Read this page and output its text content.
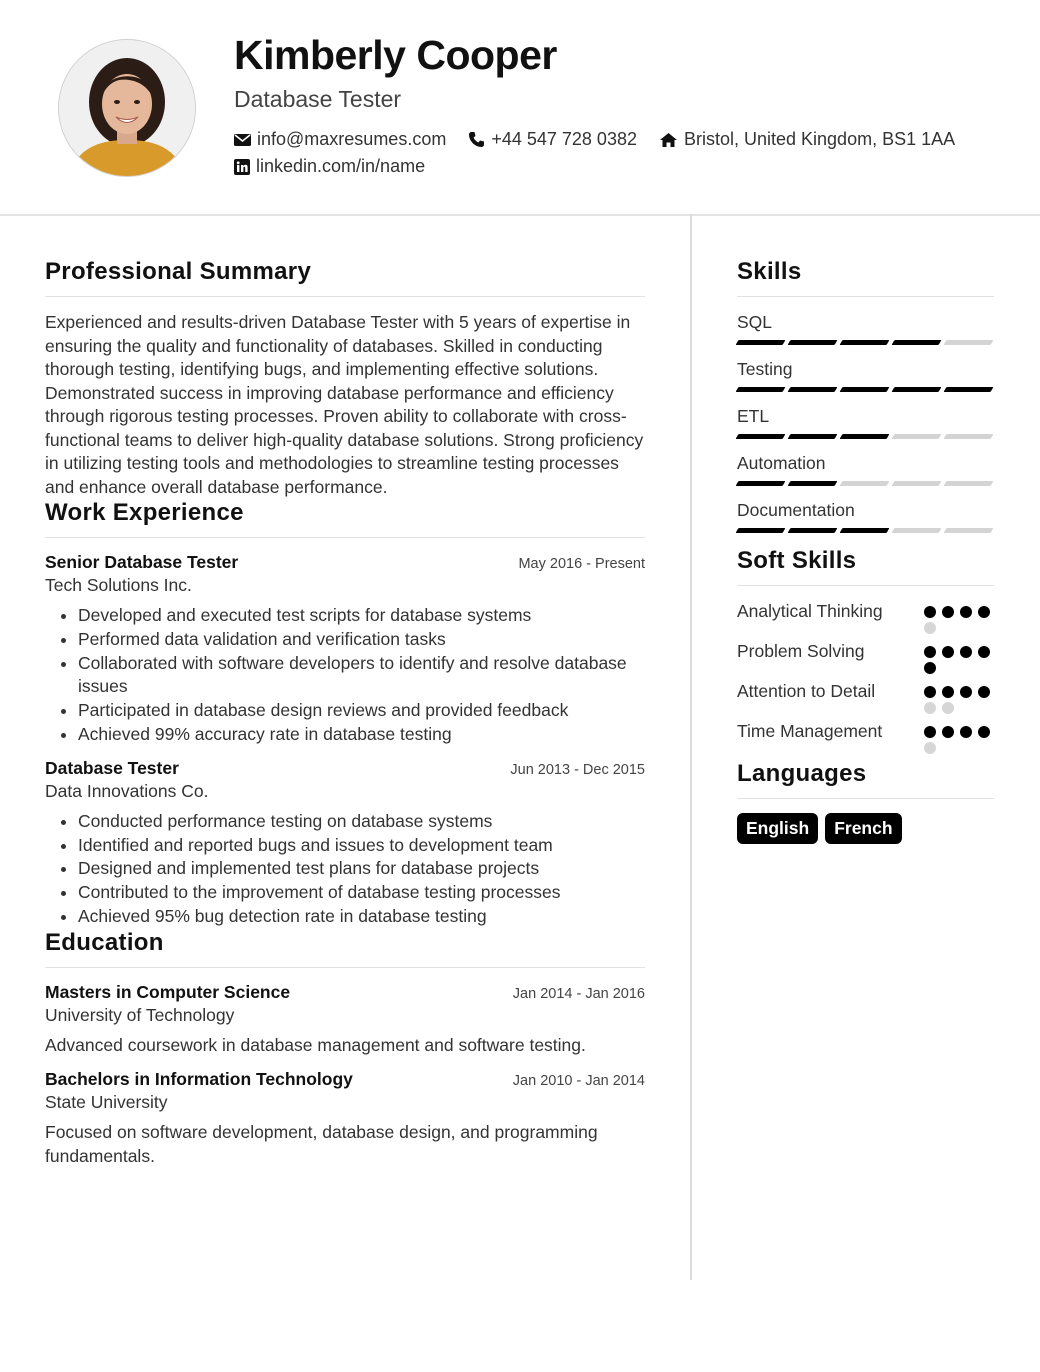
Kimberly Cooper
Database Tester
info@maxresumes.com	+44 547 728 0382	Bristol, United Kingdom, BS1 1AA
linkedin.com/in/name
Professional Summary

Experienced and results-driven Database Tester with 5 years of expertise in ensuring the quality and functionality of databases. Skilled in conducting thorough testing, identifying bugs, and implementing effective solutions. Demonstrated success in improving database performance and efficiency through rigorous testing processes. Proven ability to collaborate with cross-functional teams to deliver high-quality database solutions. Strong proficiency in utilizing testing tools and methodologies to streamline testing processes and enhance overall database performance.

Work Experience
Senior Database Tester	May 2016 - Present
Tech Solutions Inc.
• Developed and executed test scripts for database systems
• Performed data validation and verification tasks
• Collaborated with software developers to identify and resolve database issues
• Participated in database design reviews and provided feedback
• Achieved 99% accuracy rate in database testing
Database Tester	Jun 2013 - Dec 2015
Data Innovations Co.
• Conducted performance testing on database systems
• Identified and reported bugs and issues to development team
• Designed and implemented test plans for database projects
• Contributed to the improvement of database testing processes
• Achieved 95% bug detection rate in database testing
Education
Masters in Computer Science	Jan 2014 - Jan 2016
University of Technology
Advanced coursework in database management and software testing.
Bachelors in Information Technology	Jan 2010 - Jan 2014
State University
Focused on software development, database design, and programming fundamentals.
Skills
SQL
Testing
ETL
Automation
Documentation
Soft Skills
Analytical Thinking
Problem Solving
Attention to Detail
Time Management
Languages
English	French
